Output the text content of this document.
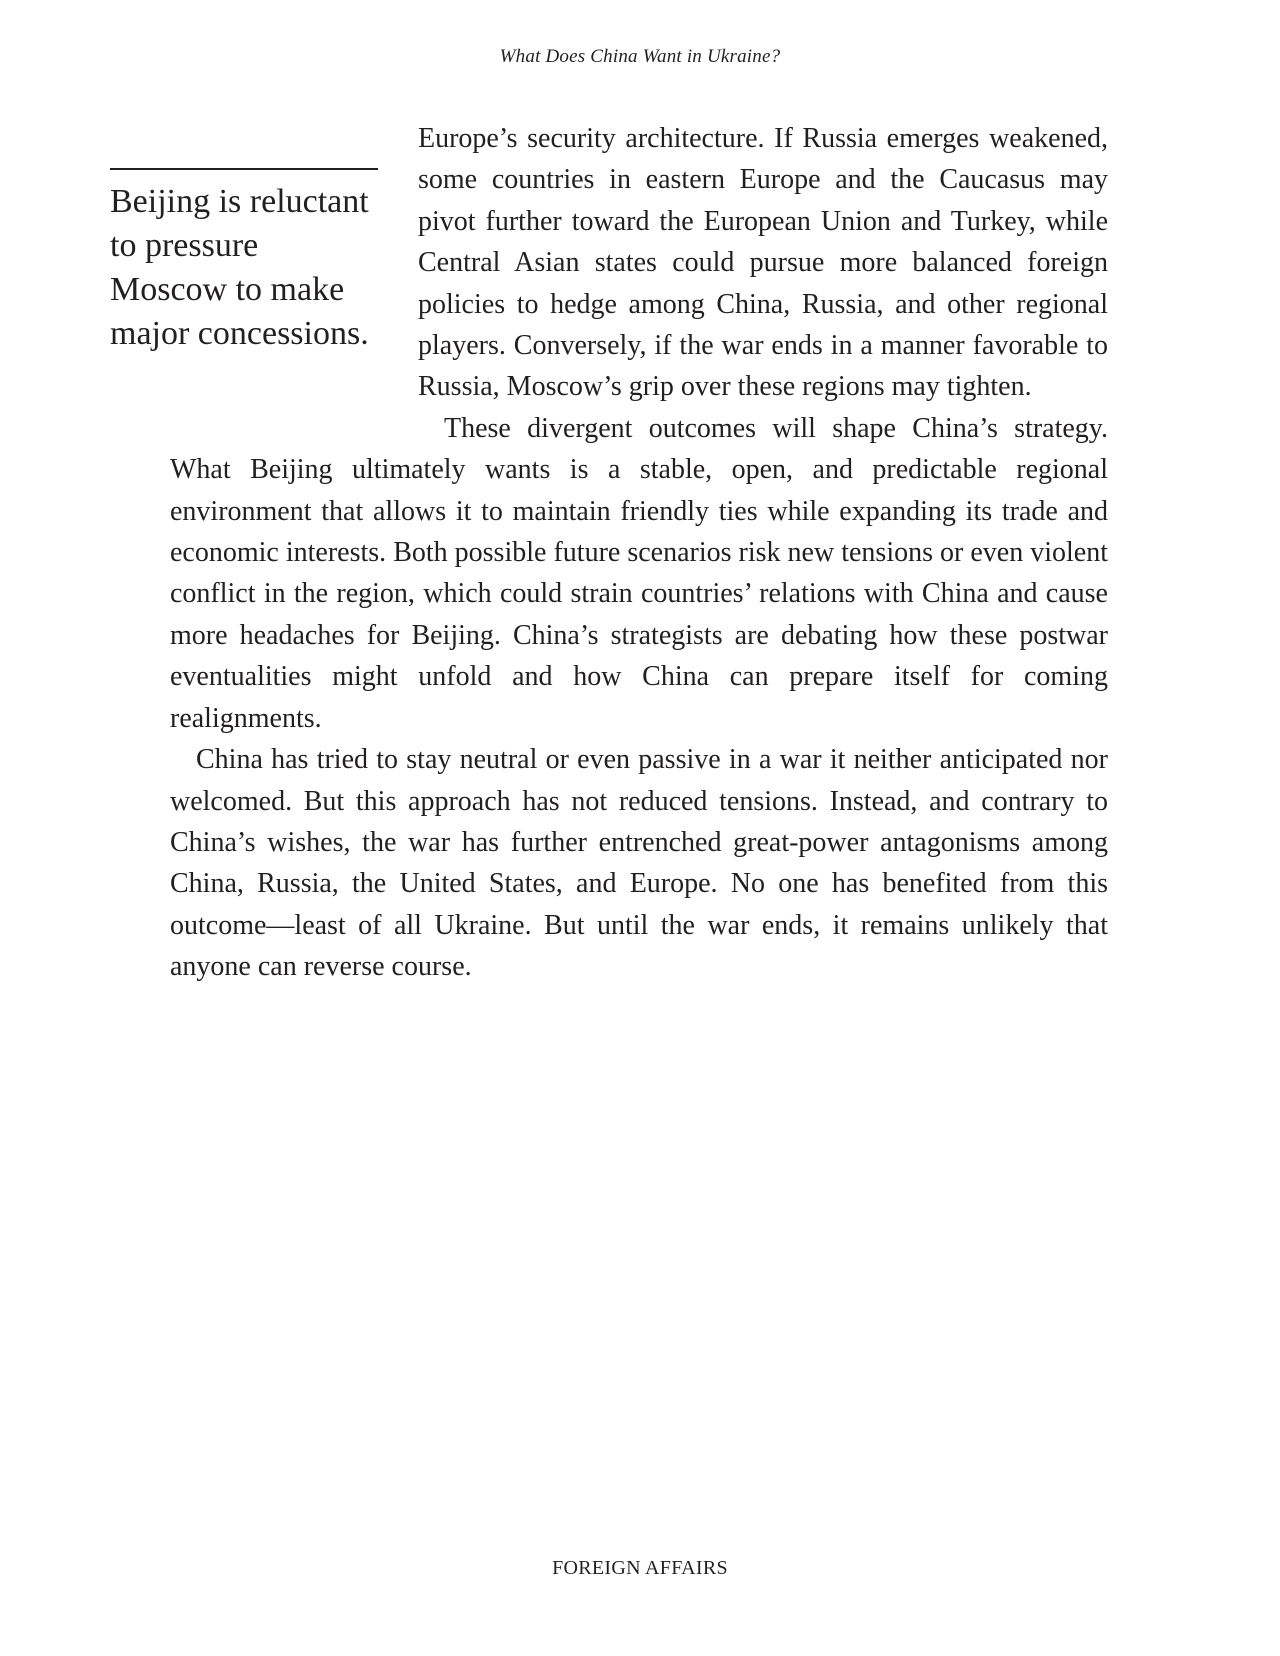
What Does China Want in Ukraine?
Beijing is reluctant to pressure Moscow to make major concessions.

Europe’s security architecture. If Russia emerges weakened, some countries in eastern Europe and the Caucasus may pivot further toward the European Union and Turkey, while Central Asian states could pursue more balanced foreign policies to hedge among China, Russia, and other regional players. Conversely, if the war ends in a manner favorable to Russia, Moscow’s grip over these regions may tighten.

These divergent outcomes will shape China’s strategy. What Beijing ultimately wants is a stable, open, and predictable regional environment that allows it to maintain friendly ties while expanding its trade and economic interests. Both possible future scenarios risk new tensions or even violent conflict in the region, which could strain countries’ relations with China and cause more headaches for Beijing. China’s strategists are debating how these postwar eventualities might unfold and how China can prepare itself for coming realignments.

China has tried to stay neutral or even passive in a war it neither anticipated nor welcomed. But this approach has not reduced tensions. Instead, and contrary to China’s wishes, the war has further entrenched great-power antagonisms among China, Russia, the United States, and Europe. No one has benefited from this outcome—least of all Ukraine. But until the war ends, it remains unlikely that anyone can reverse course.

FOREIGN AFFAIRS
